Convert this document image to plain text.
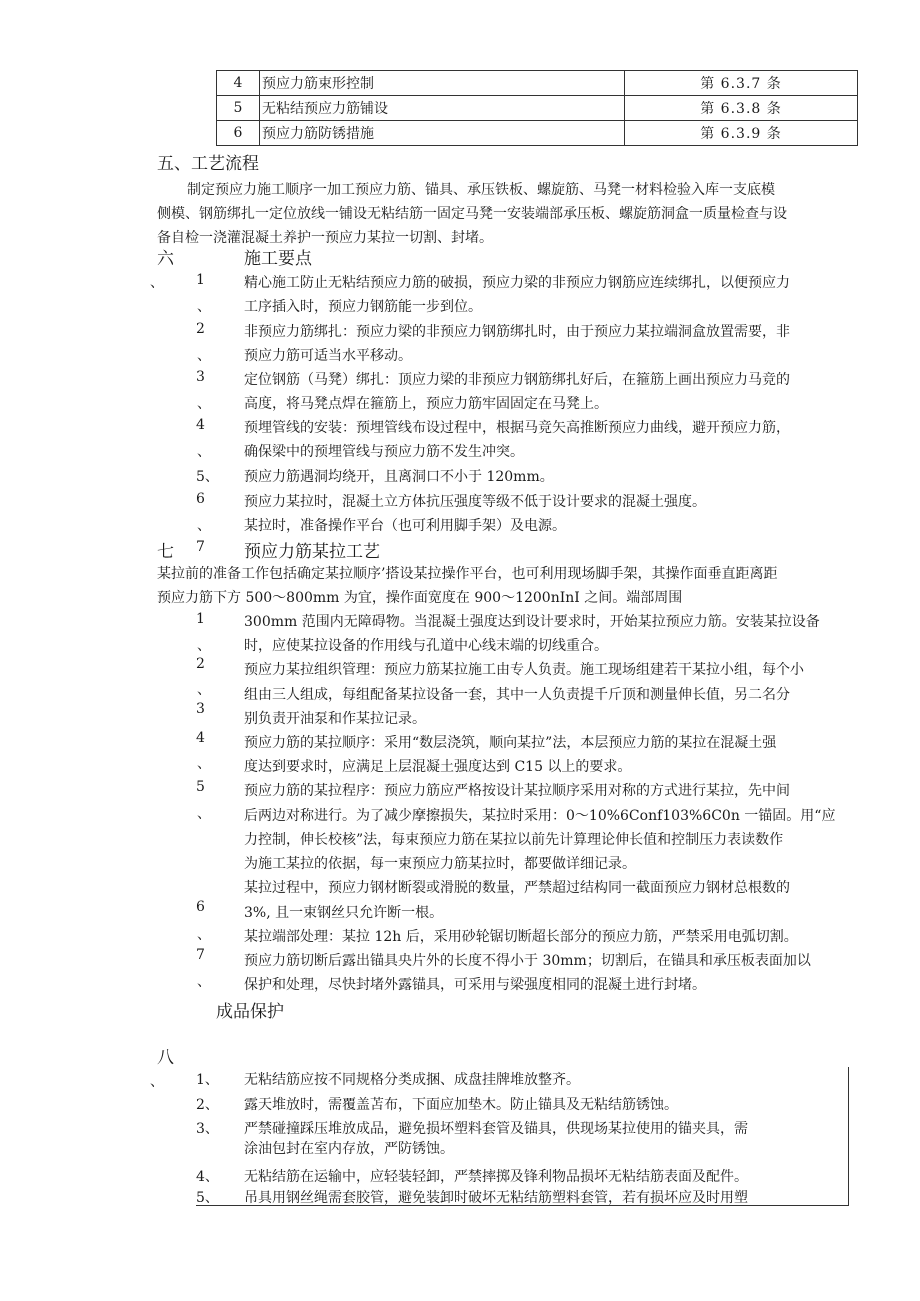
4	预应力筋束形控制	第 6.3.7 条
5	无粘结预应力筋铺设	第 6.3.8 条
6	预应力筋防锈措施	第 6.3.9 条
五、工艺流程
制定预应力施工顺序一加工预应力筋、锚具、承压铁板、螺旋筋、马凳一材料检验入库一支底模
侧模、钢筋绑扎一定位放线一铺设无粘结筋一固定马凳一安装端部承压板、螺旋筋洞盒一质量检查与设
备自检一浇灌混凝土养护一预应力某拉一切割、封堵。
六	施工要点
、 1
、
精心施工防止无粘结预应力筋的破损，预应力梁的非预应力钢筋应连续绑扎，以便预应力
工序插入时，预应力钢筋能一步到位。
2
、
非预应力筋绑扎：预应力梁的非预应力钢筋绑扎时，由于预应力某拉端洞盒放置需要，非
预应力筋可适当水平移动。
3
、
定位钢筋（马凳）绑扎：顶应力梁的非预应力钢筋绑扎好后，在箍筋上画出预应力马竞的
高度，将马凳点焊在箍筋上，预应力筋牢固固定在马凳上。
4
、
预埋管线的安装：预埋管线布设过程中，根据马竞矢高推断预应力曲线，避开预应力筋，
确保梁中的预埋管线与预应力筋不发生冲突。
5、 预应力筋遇洞均绕开，且离洞口不小于 120mm。
6
、
预应力某拉时，混凝土立方体抗压强度等级不低于设计要求的混凝土强度。
某拉时，准备操作平台（也可利用脚手架）及电源。
七 7 预应力筋某拉工艺
某拉前的准备工作包括确定某拉顺序’搭设某拉操作平台，也可利用现场脚手架，其操作面垂直距离距
预应力筋下方 500～800mm 为宜，操作面宽度在 900～1200nInI 之间。端部周围
1
、
2
、
3
4
、
5
、
6
、
7
、
300mm 范围内无障碍物。当混凝土强度达到设计要求时，开始某拉预应力筋。安装某拉设备
时，应使某拉设备的作用线与孔道中心线末端的切线重合。
预应力某拉组织管理：预应力筋某拉施工由专人负责。施工现场组建若干某拉小组，每个小
组由三人组成，每组配备某拉设备一套，其中一人负责提千斤顶和测量伸长值，另二名分
别负责开油泵和作某拉记录。
预应力筋的某拉顺序：采用“数层浇筑，顺向某拉”法，本层预应力筋的某拉在混凝土强
度达到要求时，应满足上层混凝土强度达到 C15 以上的要求。
预应力筋的某拉程序：预应力筋应严格按设计某拉顺序采用对称的方式进行某拉，先中间
后两边对称进行。为了减少摩擦损失，某拉时采用：0～10%6Conf103%6C0n 一锚固。用“应
力控制，伸长校核”法，每束预应力筋在某拉以前先计算理论伸长值和控制压力表读数作
为施工某拉的依据，每一束预应力筋某拉时，都要做详细记录。
某拉过程中，预应力钢材断裂或滑脱的数量，严禁超过结构同一截面预应力钢材总根数的
3%, 且一束钢丝只允许断一根。
某拉端部处理：某拉 12h 后，采用砂轮锯切断超长部分的预应力筋，严禁采用电弧切割。
预应力筋切断后露出锚具央片外的长度不得小于 30mm；切割后，在锚具和承压板表面加以
保护和处理，尽快封堵外露锚具，可采用与梁强度相同的混凝土进行封堵。
成品保护
八
、 1、 无粘结筋应按不同规格分类成捆、成盘挂牌堆放整齐。
2、 露天堆放时，需覆盖苫布，下面应加垫木。防止锚具及无粘结筋锈蚀。
3、 严禁碰撞踩压堆放成品，避免损坏塑料套管及锚具，供现场某拉使用的锚夹具，需
涂油包封在室内存放，严防锈蚀。
4、 无粘结筋在运输中，应轻装轻卸，严禁摔掷及锋利物品损坏无粘结筋表面及配件。
5、 吊具用钢丝绳需套胶管，避免装卸时破坏无粘结筋塑料套管，若有损坏应及时用塑
